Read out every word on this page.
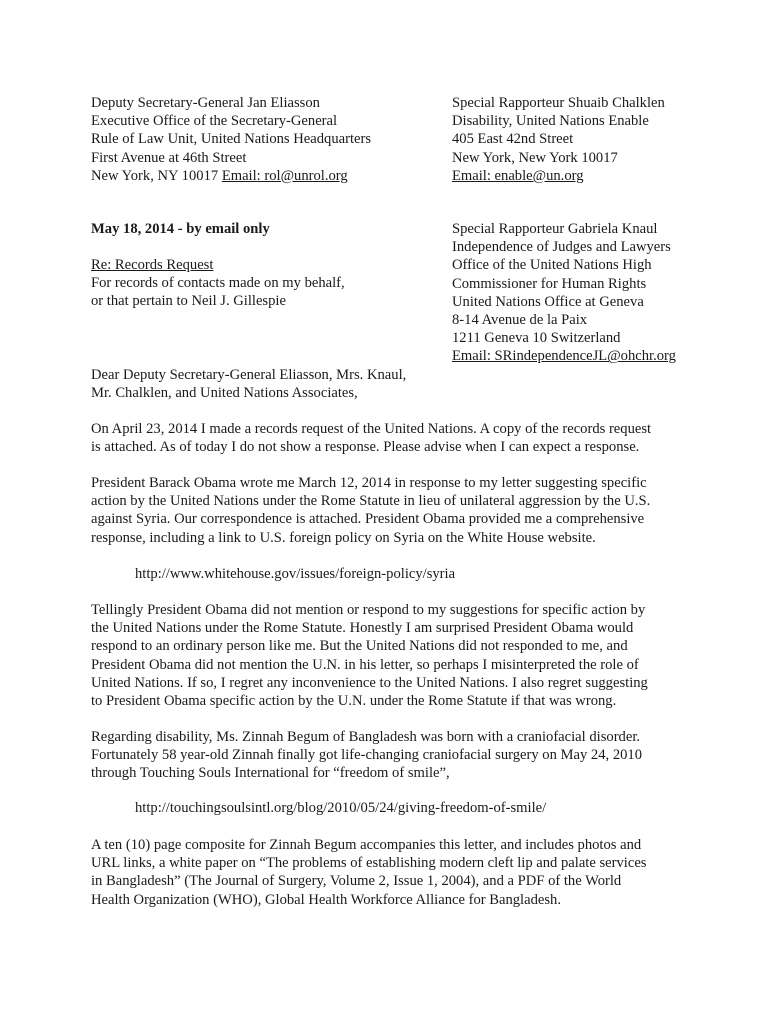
Deputy Secretary-General Jan Eliasson
Executive Office of the Secretary-General
Rule of Law Unit, United Nations Headquarters
First Avenue at 46th Street
New York, NY 10017 Email: rol@unrol.org
Special Rapporteur Shuaib Chalklen
Disability, United Nations Enable
405 East 42nd Street
New York, New York 10017
Email: enable@un.org
May 18, 2014 - by email only	Special Rapporteur Gabriela Knaul
Independence of Judges and Lawyers
Office of the United Nations High
Commissioner for Human Rights
United Nations Office at Geneva
8-14 Avenue de la Paix
1211 Geneva 10 Switzerland
Email: SRindependenceJL@ohchr.org
Re: Records Request
For records of contacts made on my behalf,
or that pertain to Neil J. Gillespie
Dear Deputy Secretary-General Eliasson, Mrs. Knaul,
Mr. Chalklen, and United Nations Associates,
On April 23, 2014 I made a records request of the United Nations. A copy of the records request
is attached. As of today I do not show a response. Please advise when I can expect a response.
President Barack Obama wrote me March 12, 2014 in response to my letter suggesting specific
action by the United Nations under the Rome Statute in lieu of unilateral aggression by the U.S.
against Syria. Our correspondence is attached. President Obama provided me a comprehensive
response, including a link to U.S. foreign policy on Syria on the White House website.
http://www.whitehouse.gov/issues/foreign-policy/syria
Tellingly President Obama did not mention or respond to my suggestions for specific action by
the United Nations under the Rome Statute. Honestly I am surprised President Obama would
respond to an ordinary person like me. But the United Nations did not responded to me, and
President Obama did not mention the U.N. in his letter, so perhaps I misinterpreted the role of
United Nations. If so, I regret any inconvenience to the United Nations. I also regret suggesting
to President Obama specific action by the U.N. under the Rome Statute if that was wrong.
Regarding disability, Ms. Zinnah Begum of Bangladesh was born with a craniofacial disorder.
Fortunately 58 year-old Zinnah finally got life-changing craniofacial surgery on May 24, 2010
through Touching Souls International for “freedom of smile”,
http://touchingsoulsintl.org/blog/2010/05/24/giving-freedom-of-smile/
A ten (10) page composite for Zinnah Begum accompanies this letter, and includes photos and
URL links, a white paper on “The problems of establishing modern cleft lip and palate services
in Bangladesh” (The Journal of Surgery, Volume 2, Issue 1, 2004), and a PDF of the World
Health Organization (WHO), Global Health Workforce Alliance for Bangladesh.
